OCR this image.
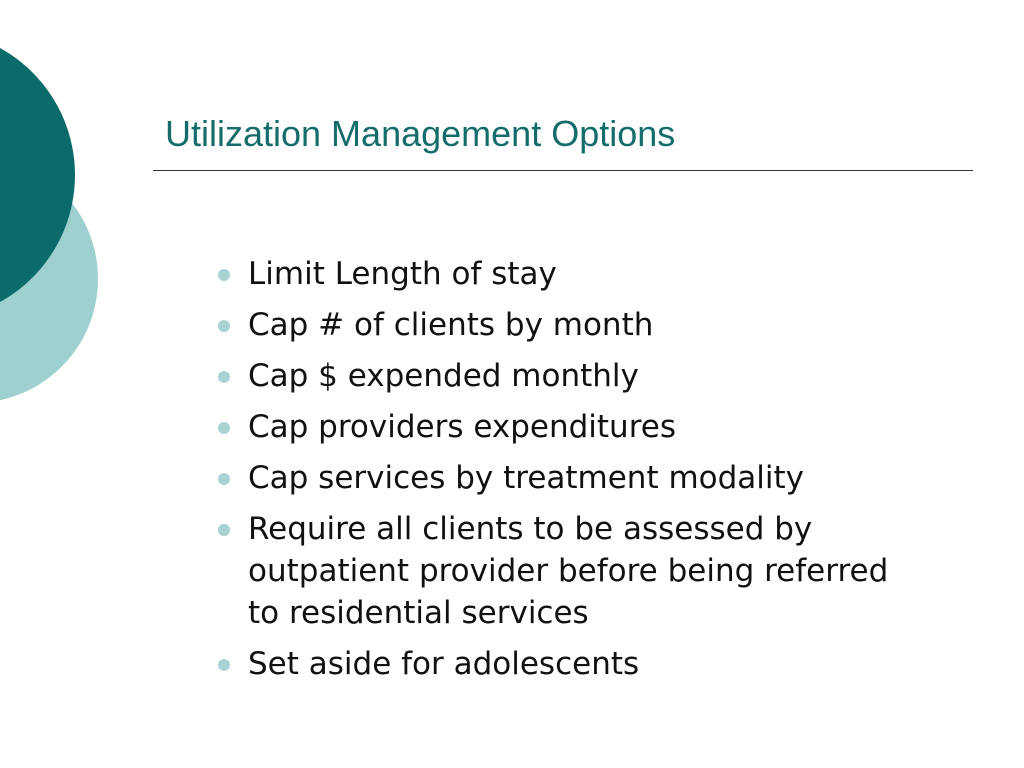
Utilization Management Options
Limit Length of stay
Cap # of clients by month
Cap $ expended monthly
Cap providers expenditures
Cap services by treatment modality
Require all clients to be assessed by outpatient provider before being referred to residential services
Set aside for adolescents
